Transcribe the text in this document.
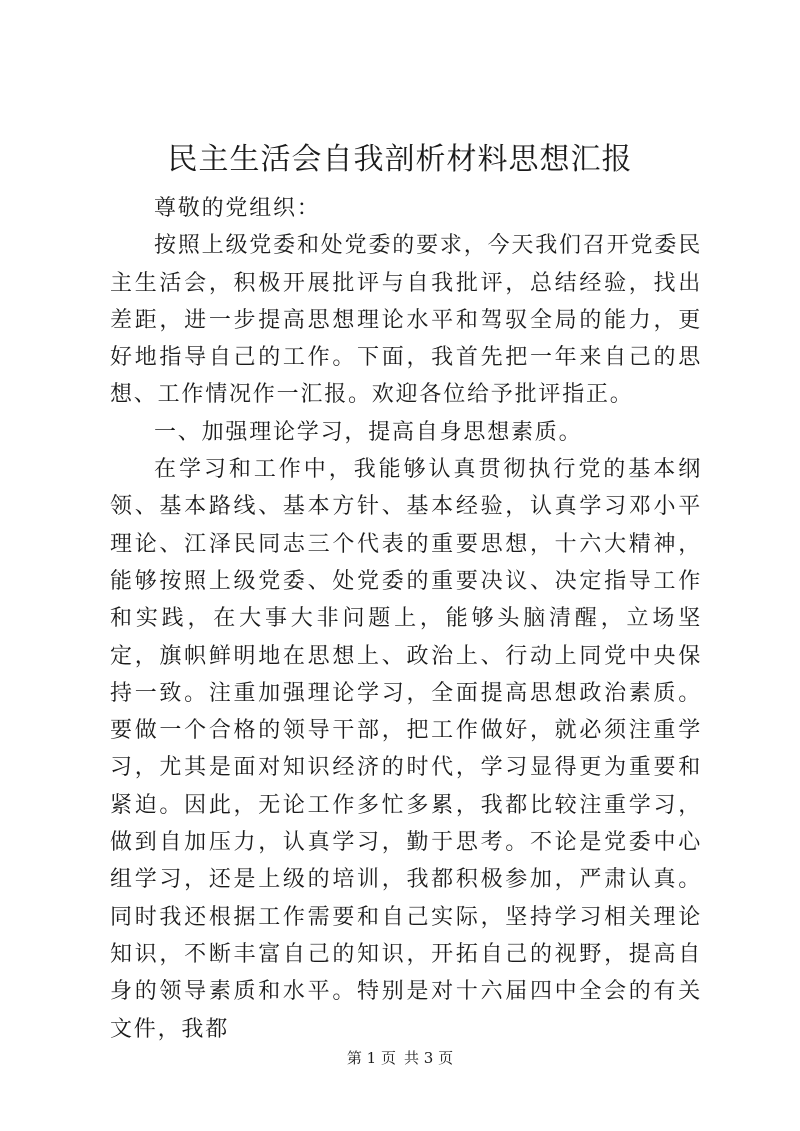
民主生活会自我剖析材料思想汇报

尊敬的党组织：

按照上级党委和处党委的要求，今天我们召开党委民主生活会，积极开展批评与自我批评，总结经验，找出差距，进一步提高思想理论水平和驾驭全局的能力，更好地指导自己的工作。下面，我首先把一年来自己的思想、工作情况作一汇报。欢迎各位给予批评指正。

一、加强理论学习，提高自身思想素质。

在学习和工作中，我能够认真贯彻执行党的基本纲领、基本路线、基本方针、基本经验，认真学习邓小平理论、江泽民同志三个代表的重要思想，十六大精神，能够按照上级党委、处党委的重要决议、决定指导工作和实践，在大事大非问题上，能够头脑清醒，立场坚定，旗帜鲜明地在思想上、政治上、行动上同党中央保持一致。注重加强理论学习，全面提高思想政治素质。要做一个合格的领导干部，把工作做好，就必须注重学习，尤其是面对知识经济的时代，学习显得更为重要和紧迫。因此，无论工作多忙多累，我都比较注重学习，做到自加压力，认真学习，勤于思考。不论是党委中心组学习，还是上级的培训，我都积极参加，严肃认真。同时我还根据工作需要和自己实际，坚持学习相关理论知识，不断丰富自己的知识，开拓自己的视野，提高自身的领导素质和水平。特别是对十六届四中全会的有关文件，我都

第 1 页 共 3 页
